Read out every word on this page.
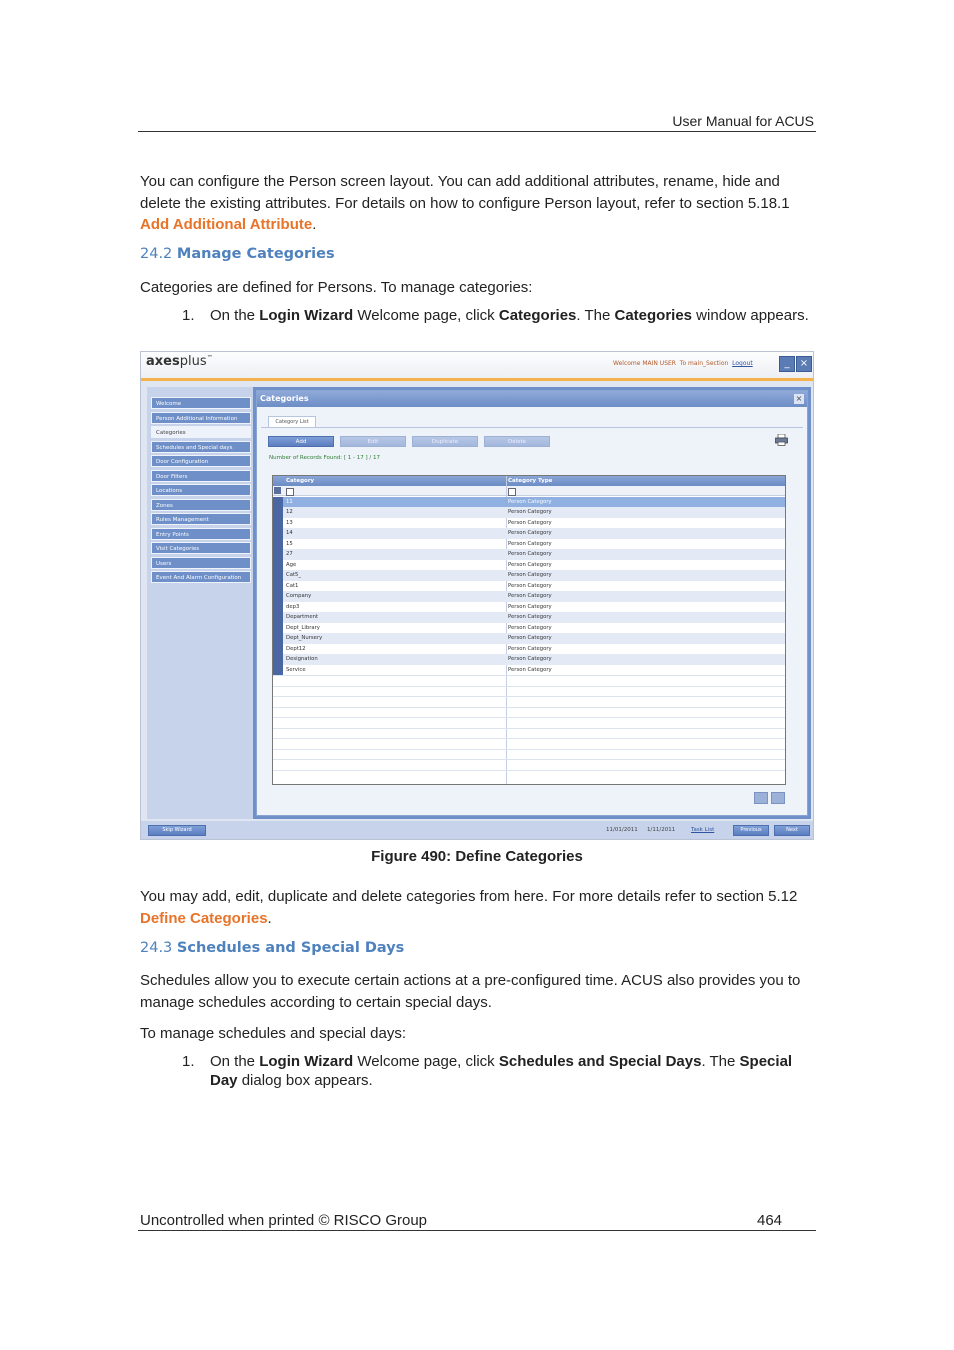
User Manual for ACUS
You can configure the Person screen layout. You can add additional attributes, rename, hide and delete the existing attributes. For details on how to configure Person layout, refer to section 5.18.1 Add Additional Attribute.
24.2 Manage Categories
Categories are defined for Persons. To manage categories:
1. On the Login Wizard Welcome page, click Categories. The Categories window appears.
axesplus™
Welcome MAIN USER To main_Section Logout	_	×
Welcome
Person Additional Information
Categories
Schedules and Special days
Door Configuration
Door Filters
Locations
Zones
Rules Management
Entry Points
Visit Categories
Users
Event And Alarm Configuration
Categories	×
Category List
Add	Edit	Duplicate	Delete
Number of Records Found: [ 1 - 17 ] / 17
Category	Category Type
11	Person Category
12	Person Category
13	Person Category
14	Person Category
15	Person Category
27	Person Category
Age	Person Category
Cat5_	Person Category
Cat1	Person Category
Company	Person Category
dep3	Person Category
Department	Person Category
Dept_Library	Person Category
Dept_Nursery	Person Category
Dept12	Person Category
Designation	Person Category
Service	Person Category
Skip Wizard	11/01/2011 1/11/2011	Task List	Previous	Next
Figure 490: Define Categories
You may add, edit, duplicate and delete categories from here. For more details refer to section 5.12 Define Categories.
24.3 Schedules and Special Days
Schedules allow you to execute certain actions at a pre-configured time. ACUS also provides you to manage schedules according to certain special days.
To manage schedules and special days:
1. On the Login Wizard Welcome page, click Schedules and Special Days. The Special Day dialog box appears.
Uncontrolled when printed © RISCO Group	464
